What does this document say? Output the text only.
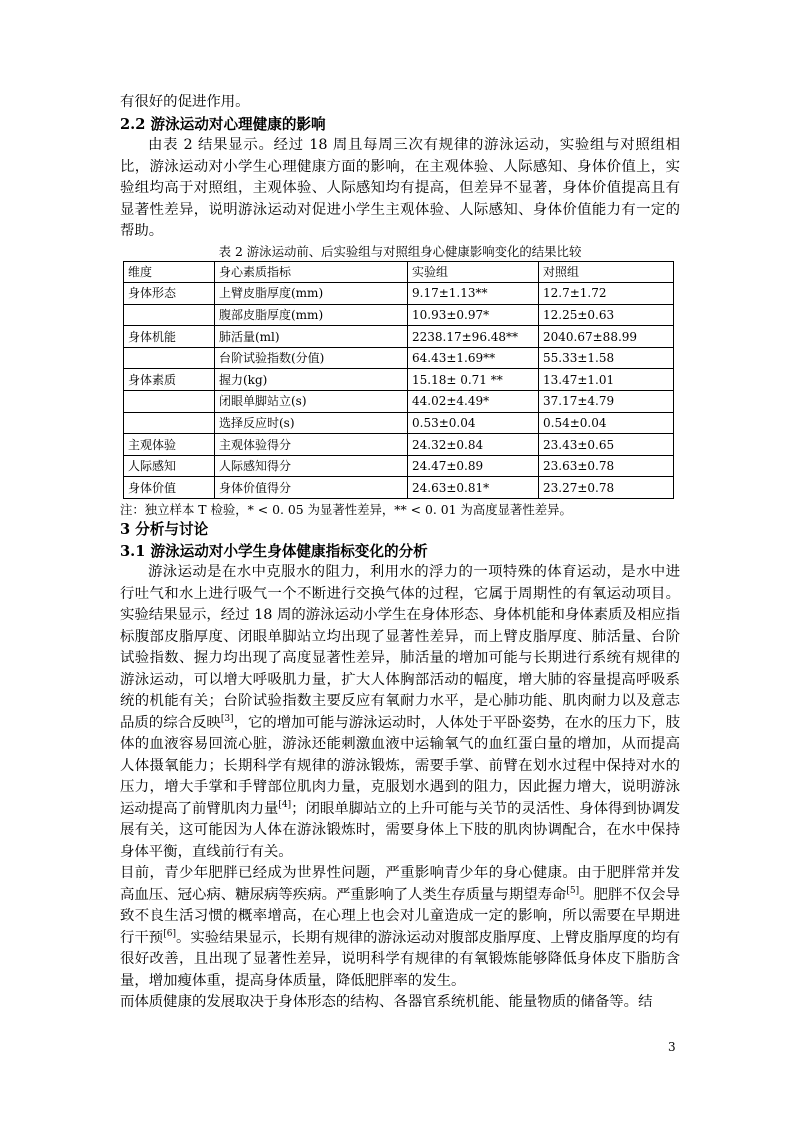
有很好的促进作用。

2.2 游泳运动对心理健康的影响

由表 2 结果显示。经过 18 周且每周三次有规律的游泳运动，实验组与对照组相比，游泳运动对小学生心理健康方面的影响，在主观体验、人际感知、身体价值上，实验组均高于对照组，主观体验、人际感知均有提高，但差异不显著，身体价值提高且有显著性差异，说明游泳运动对促进小学生主观体验、人际感知、身体价值能力有一定的帮助。

表 2 游泳运动前、后实验组与对照组身心健康影响变化的结果比较
维度	身心素质指标	实验组	对照组
身体形态	上臂皮脂厚度(mm)	9.17±1.13**	12.7±1.72
	腹部皮脂厚度(mm)	10.93±0.97*	12.25±0.63
身体机能	肺活量(ml)	2238.17±96.48**	2040.67±88.99
	台阶试验指数(分值)	64.43±1.69**	55.33±1.58
身体素质	握力(kg)	15.18± 0.71 **	13.47±1.01
	闭眼单脚站立(s)	44.02±4.49*	37.17±4.79
	选择反应时(s)	0.53±0.04	0.54±0.04
主观体验	主观体验得分	24.32±0.84	23.43±0.65
人际感知	人际感知得分	24.47±0.89	23.63±0.78
身体价值	身体价值得分	24.63±0.81*	23.27±0.78
注：独立样本 T 检验，* < 0. 05 为显著性差异，** < 0. 01 为高度显著性差异。
3 分析与讨论
3.1 游泳运动对小学生身体健康指标变化的分析

游泳运动是在水中克服水的阻力，利用水的浮力的一项特殊的体育运动，是水中进行吐气和水上进行吸气一个不断进行交换气体的过程，它属于周期性的有氧运动项目。实验结果显示，经过 18 周的游泳运动小学生在身体形态、身体机能和身体素质及相应指标腹部皮脂厚度、闭眼单脚站立均出现了显著性差异，而上臂皮脂厚度、肺活量、台阶试验指数、握力均出现了高度显著性差异，肺活量的增加可能与长期进行系统有规律的游泳运动，可以增大呼吸肌力量，扩大人体胸部活动的幅度，增大肺的容量提高呼吸系统的机能有关；台阶试验指数主要反应有氧耐力水平，是心肺功能、肌肉耐力以及意志品质的综合反映[3]，它的增加可能与游泳运动时，人体处于平卧姿势，在水的压力下，肢体的血液容易回流心脏，游泳还能刺激血液中运输氧气的血红蛋白量的增加，从而提高人体摄氧能力；长期科学有规律的游泳锻炼，需要手掌、前臂在划水过程中保持对水的压力，增大手掌和手臂部位肌肉力量，克服划水遇到的阻力，因此握力增大，说明游泳运动提高了前臂肌肉力量[4]；闭眼单脚站立的上升可能与关节的灵活性、身体得到协调发展有关，这可能因为人体在游泳锻炼时，需要身体上下肢的肌肉协调配合，在水中保持身体平衡，直线前行有关。

目前，青少年肥胖已经成为世界性问题，严重影响青少年的身心健康。由于肥胖常并发高血压、冠心病、糖尿病等疾病。严重影响了人类生存质量与期望寿命[5]。肥胖不仅会导致不良生活习惯的概率增高，在心理上也会对儿童造成一定的影响，所以需要在早期进行干预[6]。实验结果显示，长期有规律的游泳运动对腹部皮脂厚度、上臂皮脂厚度的均有很好改善，且出现了显著性差异，说明科学有规律的有氧锻炼能够降低身体皮下脂肪含量，增加瘦体重，提高身体质量，降低肥胖率的发生。

而体质健康的发展取决于身体形态的结构、各器官系统机能、能量物质的储备等。结

3
